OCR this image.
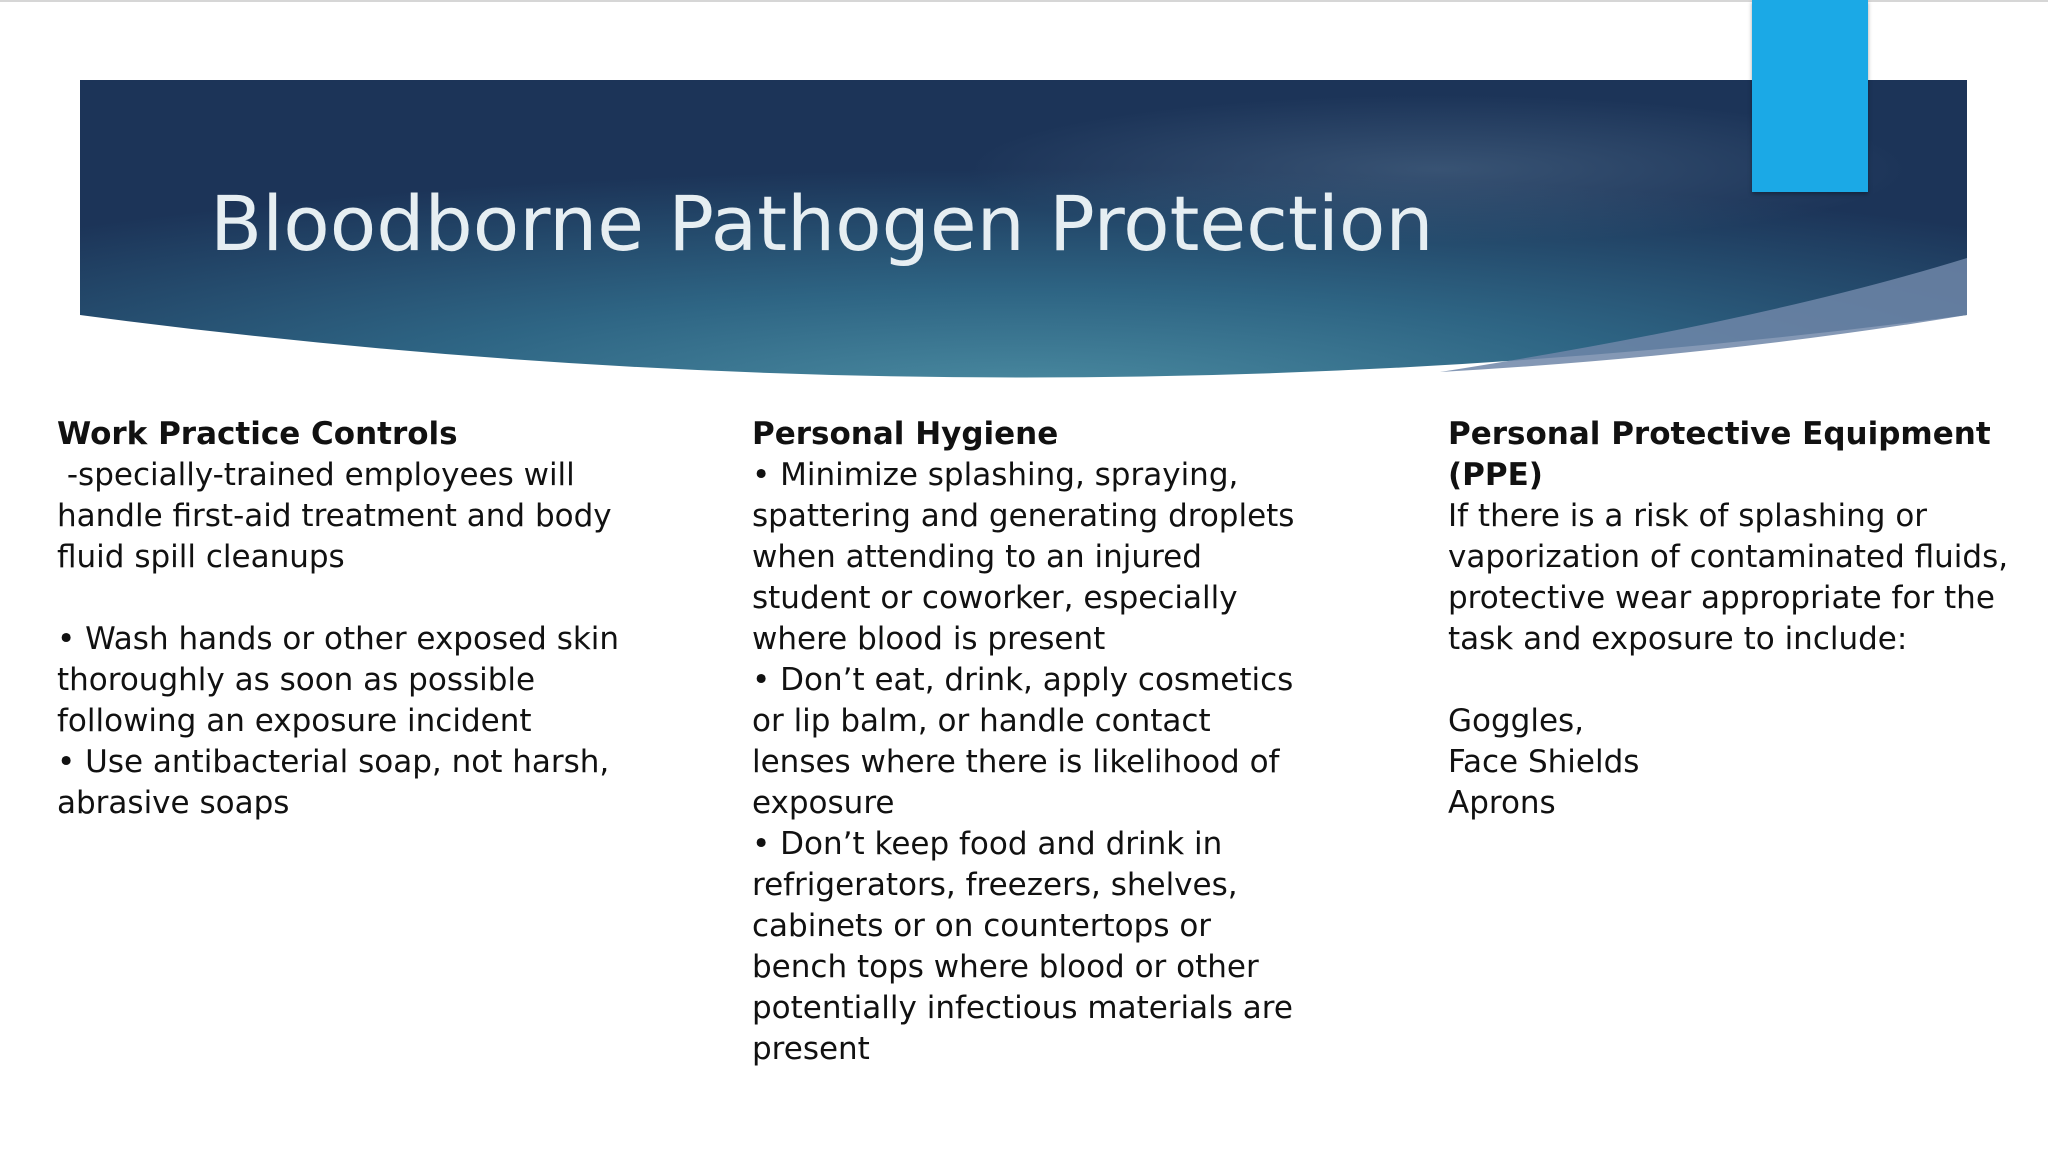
Bloodborne Pathogen Protection

Work Practice Controls

-specially-trained employees will

handle first-aid treatment and body

fluid spill cleanups

• Wash hands or other exposed skin

thoroughly as soon as possible

following an exposure incident

• Use antibacterial soap, not harsh,

abrasive soaps

Personal Hygiene

• Minimize splashing, spraying,

spattering and generating droplets

when attending to an injured

student or coworker, especially

where blood is present

• Don’t eat, drink, apply cosmetics

or lip balm, or handle contact

lenses where there is likelihood of

exposure

• Don’t keep food and drink in

refrigerators, freezers, shelves,

cabinets or on countertops or

bench tops where blood or other

potentially infectious materials are

present

Personal Protective Equipment

(PPE)

If there is a risk of splashing or

vaporization of contaminated fluids,

protective wear appropriate for the

task and exposure to include:

Goggles,

Face Shields

Aprons
